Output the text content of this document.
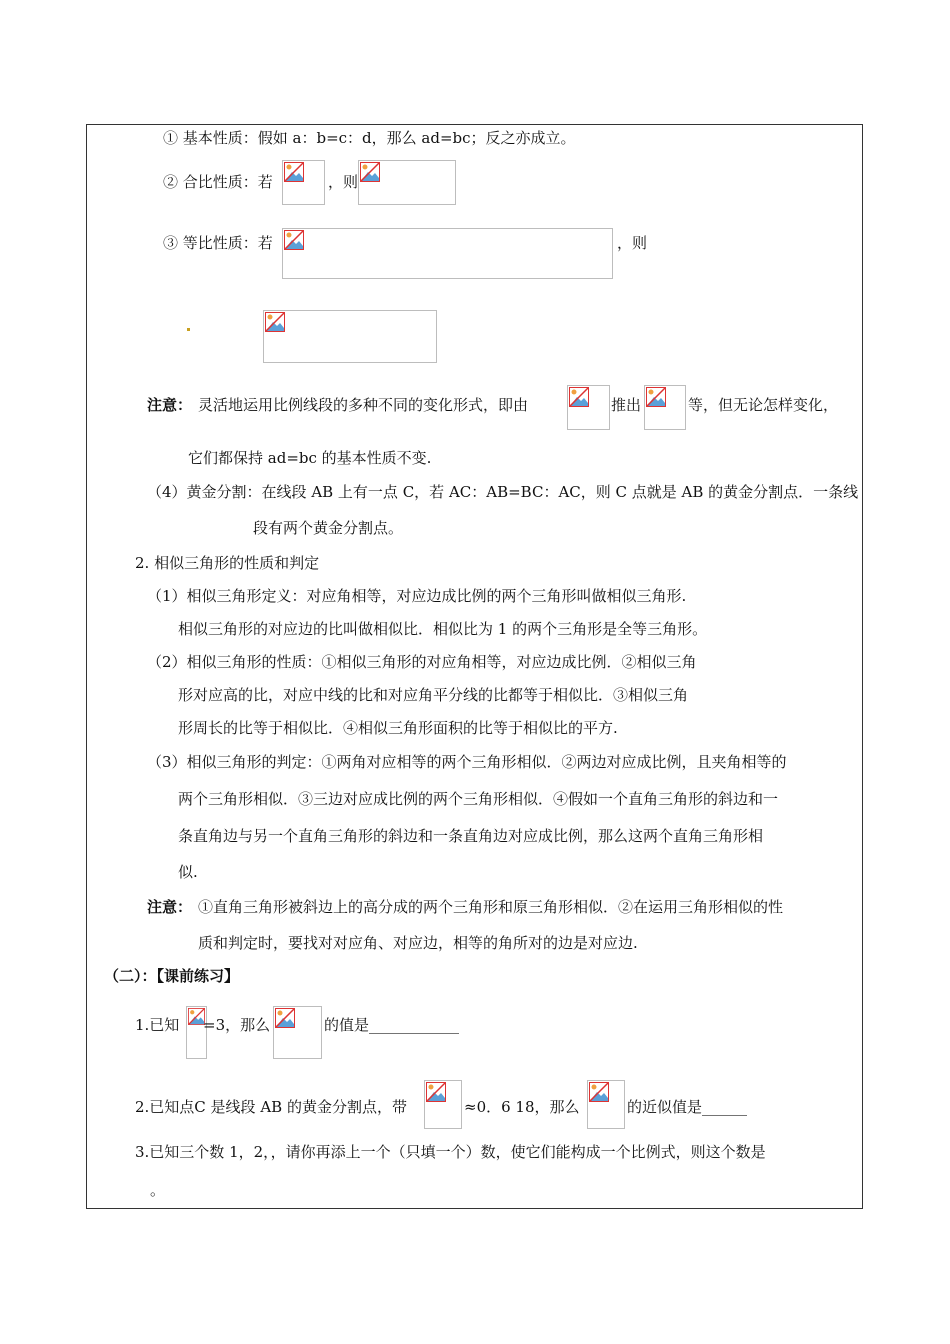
① 基本性质：假如 a：b=c：d，那么 ad=bc；反之亦成立。
② 合比性质：若	，则
③ 等比性质：若	，则
注意： 灵活地运用比例线段的多种不同的变化形式，即由	推出	等，但无论怎样变化，
它们都保持 ad=bc 的基本性质不变.
（4）黄金分割：在线段 AB 上有一点 C，若 AC：AB=BC：AC，则 C 点就是 AB 的黄金分割点．一条线
段有两个黄金分割点。
2. 相似三角形的性质和判定
（1）相似三角形定义：对应角相等，对应边成比例的两个三角形叫做相似三角形.
相似三角形的对应边的比叫做相似比．相似比为 1 的两个三角形是全等三角形。
（2）相似三角形的性质：①相似三角形的对应角相等，对应边成比例．②相似三角
形对应高的比，对应中线的比和对应角平分线的比都等于相似比．③相似三角
形周长的比等于相似比．④相似三角形面积的比等于相似比的平方.
（3）相似三角形的判定：①两角对应相等的两个三角形相似．②两边对应成比例，且夹角相等的
两个三角形相似．③三边对应成比例的两个三角形相似．④假如一个直角三角形的斜边和一
条直角边与另一个直角三角形的斜边和一条直角边对应成比例，那么这两个直角三角形相
似.
注意： ①直角三角形被斜边上的高分成的两个三角形和原三角形相似．②在运用三角形相似的性
质和判定时，要找对对应角、对应边，相等的角所对的边是对应边.
（二）：【课前练习】
1.已知 =3，那么	的值是____________
2.已知点C 是线段 AB 的黄金分割点，带	≈0．6 18，那么	的近似值是______
3.已知三个数 1，2，，请你再添上一个（只填一个）数，使它们能构成一个比例式，则这个数是
。
